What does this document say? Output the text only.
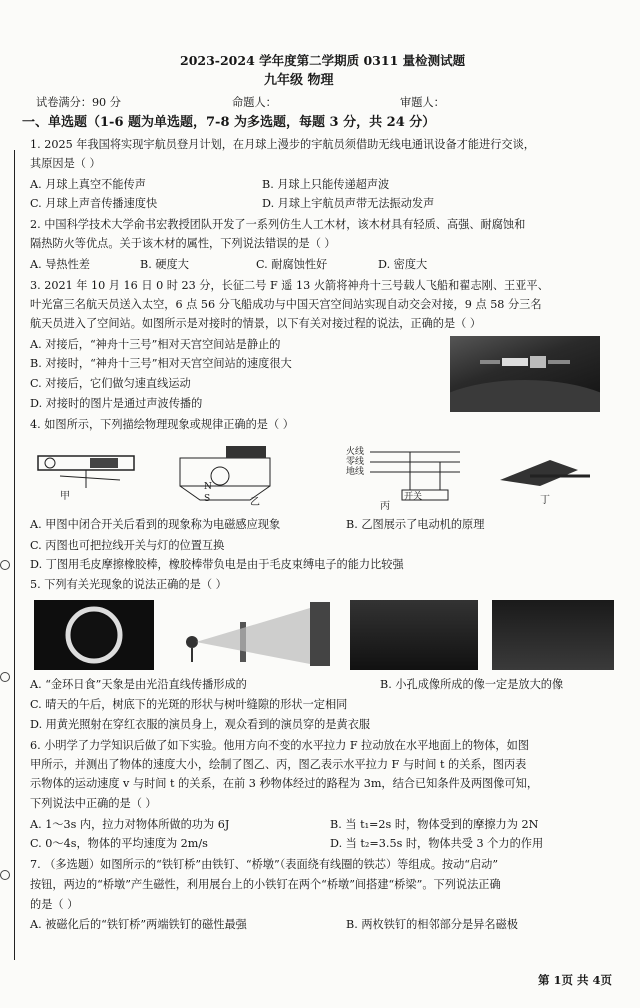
2023-2024 学年度第二学期质 0311 量检测试题
九年级 物理
试卷满分：90 分	命题人：	审题人：
一、单选题（1-6 题为单选题，7-8 为多选题，每题 3 分，共 24 分）
1. 2025 年我国将实现宇航员登月计划，在月球上漫步的宇航员须借助无线电通讯设备才能进行交谈，
其原因是（ ）
A. 月球上真空不能传声	B. 月球上只能传递超声波
C. 月球上声音传播速度快	D. 月球上宇航员声带无法振动发声
2. 中国科学技术大学俞书宏教授团队开发了一系列仿生人工木材，该木材具有轻质、高强、耐腐蚀和
隔热防火等优点。关于该木材的属性，下列说法错误的是（ ）
A. 导热性差	B. 硬度大	C. 耐腐蚀性好	D. 密度大
3. 2021 年 10 月 16 日 0 时 23 分，长征二号 F 遥 13 火箭将神舟十三号载人飞船和翟志刚、王亚平、
叶光富三名航天员送入太空，6 点 56 分飞船成功与中国天宫空间站实现自动交会对接，9 点 58 分三名
航天员进入了空间站。如图所示是对接时的情景，以下有关对接过程的说法，正确的是（ ）
A. 对接后，“神舟十三号”相对天宫空间站是静止的
B. 对接时，“神舟十三号”相对天宫空间站的速度很大
C. 对接后，它们做匀速直线运动
D. 对接时的图片是通过声波传播的
4. 如图所示，下列描绘物理现象或规律正确的是（ ）
甲
N
S	乙
火线
零线
地线
开关
丙
丁
A. 甲图中闭合开关后看到的现象称为电磁感应现象	B. 乙图展示了电动机的原理
C. 丙图也可把拉线开关与灯的位置互换
D. 丁图用毛皮摩擦橡胶棒，橡胶棒带负电是由于毛皮束缚电子的能力比较强
5. 下列有关光现象的说法正确的是（ ）
A. “金环日食”天象是由光沿直线传播形成的	B. 小孔成像所成的像一定是放大的像
C. 晴天的午后，树底下的光斑的形状与树叶缝隙的形状一定相同
D. 用黄光照射在穿红衣服的演员身上，观众看到的演员穿的是黄衣服
6. 小明学了力学知识后做了如下实验。他用方向不变的水平拉力 F 拉动放在水平地面上的物体，如图
甲所示，并测出了物体的速度大小，绘制了图乙、丙，图乙表示水平拉力 F 与时间 t 的关系，图丙表
示物体的运动速度 v 与时间 t 的关系，在前 3 秒物体经过的路程为 3m，结合已知条件及两图像可知，
下列说法中正确的是（ ）
A. 1～3s 内，拉力对物体所做的功为 6J	B. 当 t₁=2s 时，物体受到的摩擦力为 2N
C. 0～4s，物体的平均速度为 2m/s	D. 当 t₂=3.5s 时，物体共受 3 个力的作用
7. （多选题）如图所示的“铁钉桥”由铁钉、“桥墩”（表面绕有线圈的铁芯）等组成。按动“启动”
按钮，两边的“桥墩”产生磁性，利用展台上的小铁钉在两个“桥墩”间搭建“桥梁”。下列说法正确
的是（ ）
A. 被磁化后的“铁钉桥”两端铁钉的磁性最强	B. 两枚铁钉的相邻部分是异名磁极
第 1页 共 4页
